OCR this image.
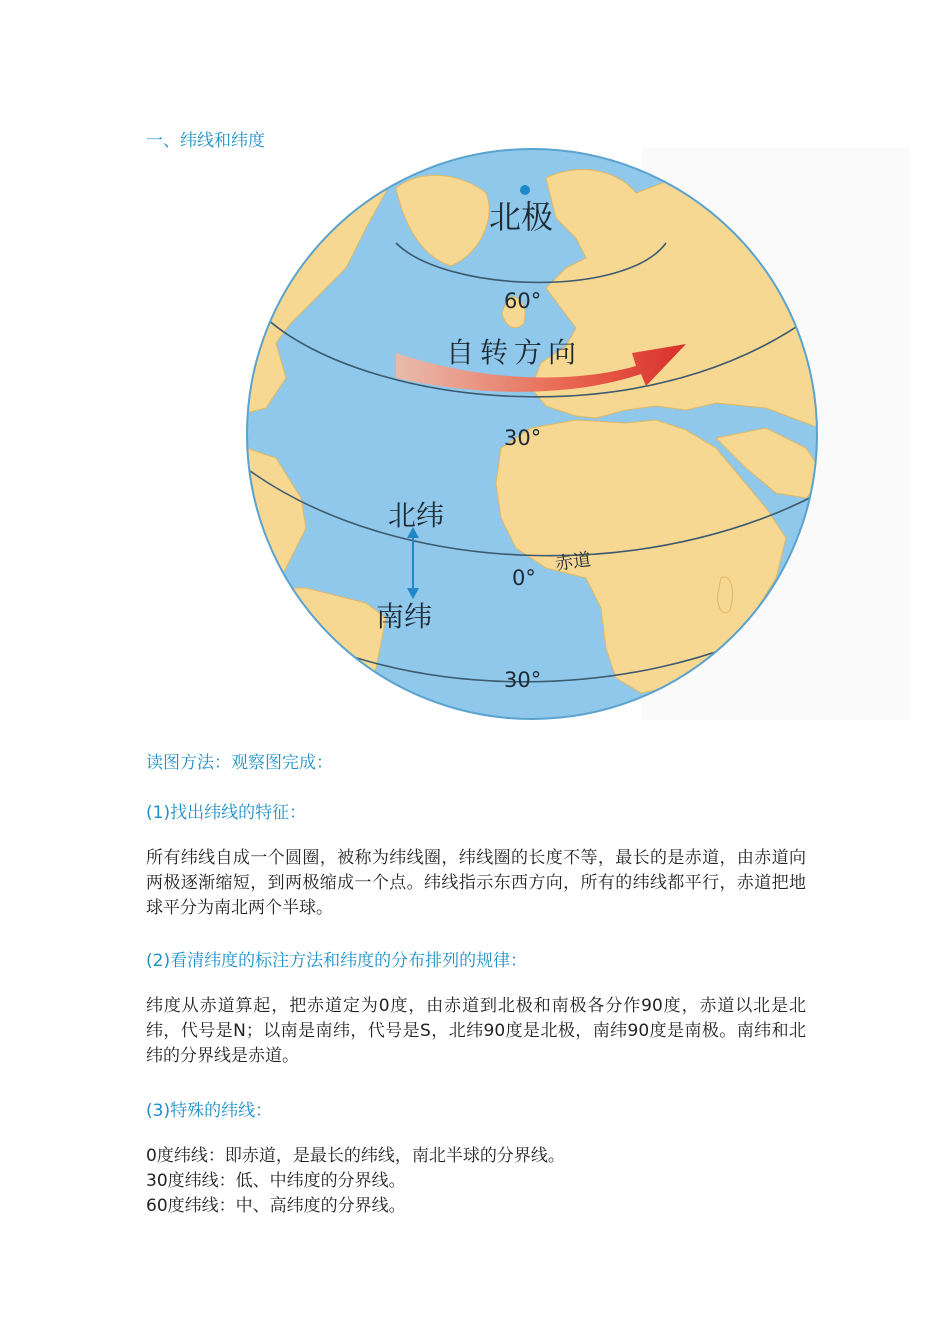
一、纬线和纬度
北极
60°
自转方向
30°
北纬
赤道
0°
南纬
30°
读图方法：观察图完成：
(1)找出纬线的特征：

所有纬线自成一个圆圈，被称为纬线圈，纬线圈的长度不等，最长的是赤道，由赤道向两极逐渐缩短，到两极缩成一个点。纬线指示东西方向，所有的纬线都平行，赤道把地球平分为南北两个半球。

(2)看清纬度的标注方法和纬度的分布排列的规律：

纬度从赤道算起，把赤道定为0度，由赤道到北极和南极各分作90度，赤道以北是北纬，代号是N；以南是南纬，代号是S，北纬90度是北极，南纬90度是南极。南纬和北纬的分界线是赤道。

(3)特殊的纬线：
0度纬线：即赤道，是最长的纬线，南北半球的分界线。
30度纬线：低、中纬度的分界线。
60度纬线：中、高纬度的分界线。
